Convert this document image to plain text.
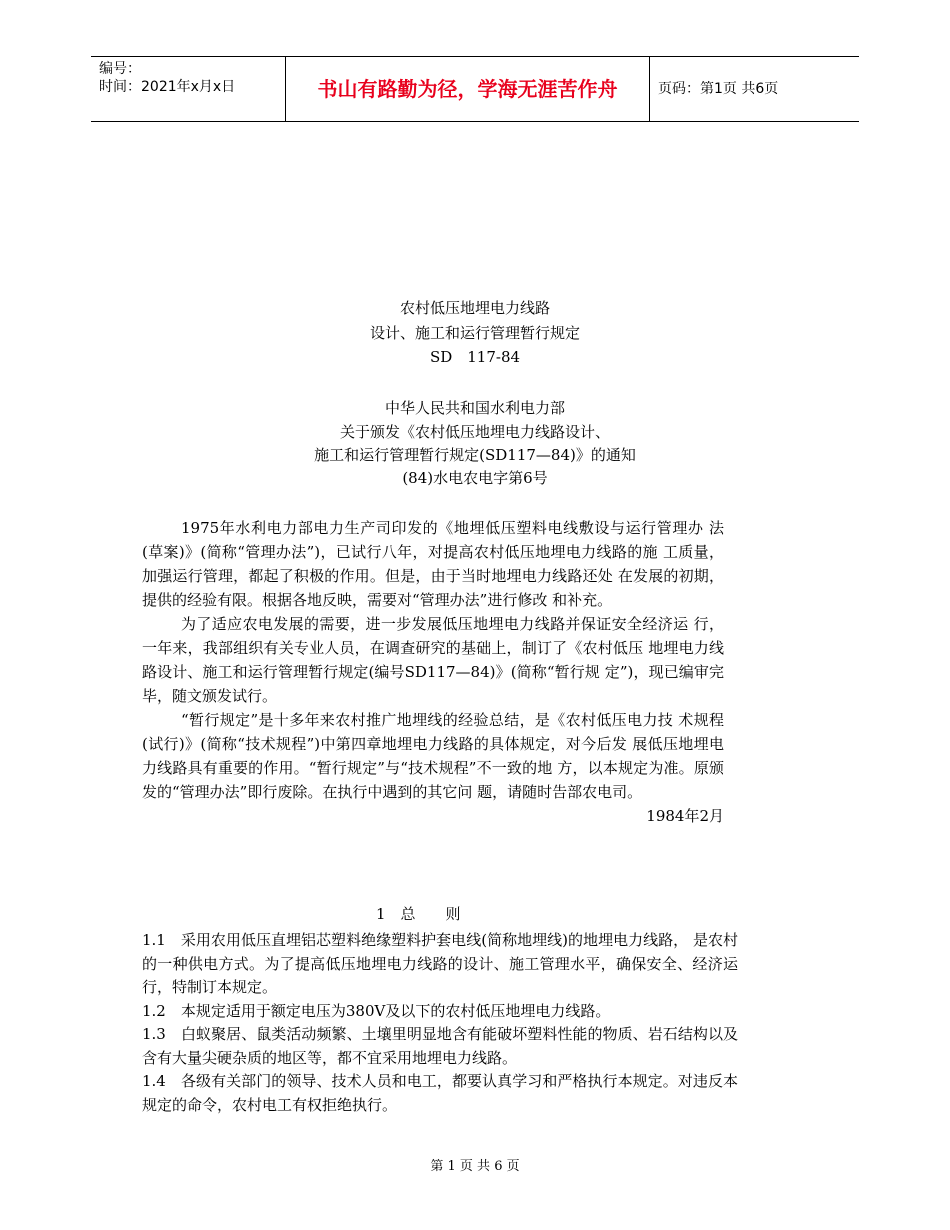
编号：
时间：2021年x月x日	书山有路勤为径，学海无涯苦作舟	页码：第1页 共6页
农村低压地埋电力线路
设计、施工和运行管理暂行规定
SD　117-84
中华人民共和国水利电力部
关于颁发《农村低压地埋电力线路设计、
施工和运行管理暂行规定(SD117—84)》的通知
(84)水电农电字第6号

1975年水利电力部电力生产司印发的《地埋低压塑料电线敷设与运行管理办 法(草案)》(简称“管理办法”)，已试行八年，对提高农村低压地埋电力线路的施 工质量，加强运行管理，都起了积极的作用。但是，由于当时地埋电力线路还处 在发展的初期，提供的经验有限。根据各地反映，需要对“管理办法”进行修改 和补充。

为了适应农电发展的需要，进一步发展低压地埋电力线路并保证安全经济运 行，一年来，我部组织有关专业人员，在调查研究的基础上，制订了《农村低压 地埋电力线路设计、施工和运行管理暂行规定(编号SD117—84)》(简称“暂行规 定”)，现已编审完毕，随文颁发试行。

“暂行规定”是十多年来农村推广地埋线的经验总结，是《农村低压电力技 术规程(试行)》(简称“技术规程”)中第四章地埋电力线路的具体规定，对今后发 展低压地埋电力线路具有重要的作用。“暂行规定”与“技术规程”不一致的地 方，以本规定为准。原颁发的“管理办法”即行废除。在执行中遇到的其它问 题，请随时告部农电司。

1984年2月

1　总　　则

1.1　采用农用低压直埋铝芯塑料绝缘塑料护套电线(简称地埋线)的地埋电力线路， 是农村的一种供电方式。为了提高低压地埋电力线路的设计、施工管理水平，确保安全、经济运行，特制订本规定。

1.2　本规定适用于额定电压为380V及以下的农村低压地埋电力线路。

1.3　白蚁聚居、鼠类活动频繁、土壤里明显地含有能破坏塑料性能的物质、岩石结构以及含有大量尖硬杂质的地区等，都不宜采用地埋电力线路。

1.4　各级有关部门的领导、技术人员和电工，都要认真学习和严格执行本规定。对违反本规定的命令，农村电工有权拒绝执行。

第 1 页 共 6 页
